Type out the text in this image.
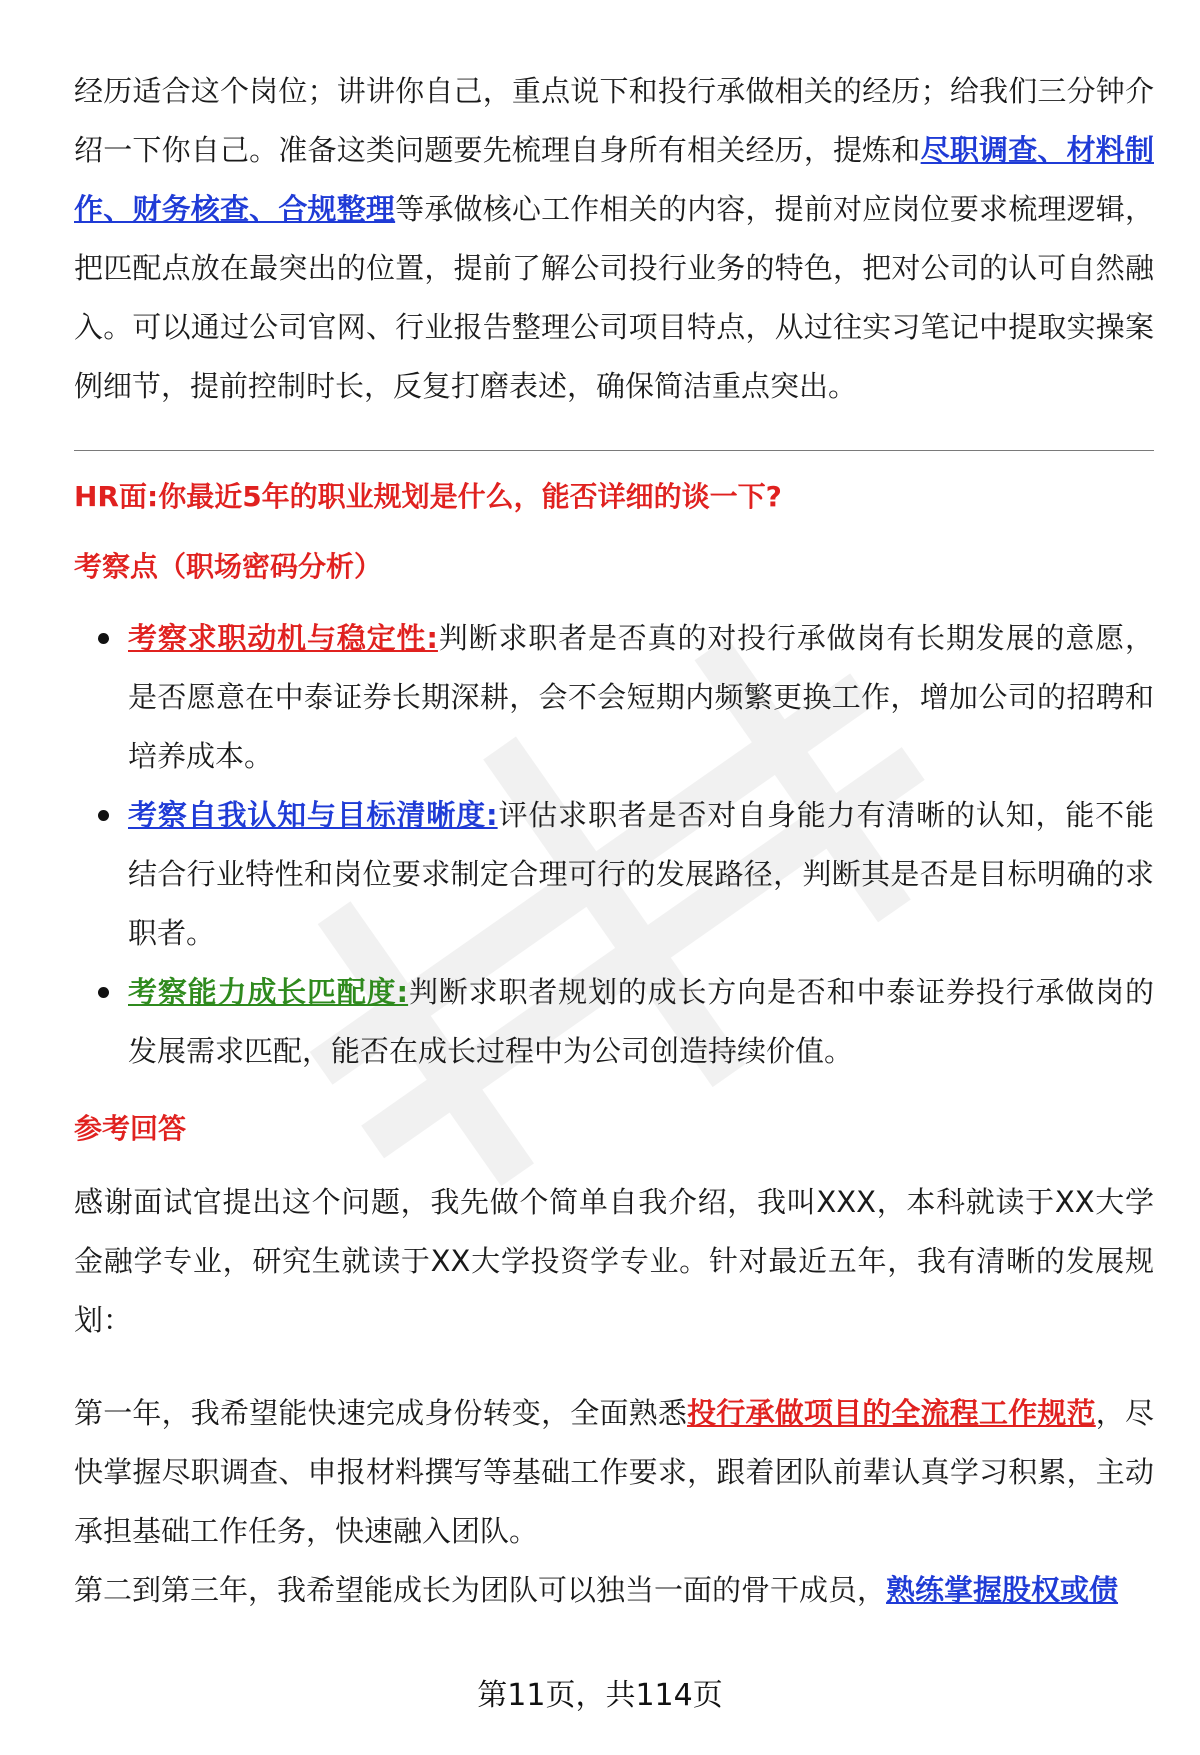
经历适合这个岗位；讲讲你自己，重点说下和投行承做相关的经历；给我们三分钟介绍一下你自己。准备这类问题要先梳理自身所有相关经历，提炼和尽职调查、材料制作、财务核查、合规整理等承做核心工作相关的内容，提前对应岗位要求梳理逻辑，把匹配点放在最突出的位置，提前了解公司投行业务的特色，把对公司的认可自然融入。可以通过公司官网、行业报告整理公司项目特点，从过往实习笔记中提取实操案例细节，提前控制时长，反复打磨表述，确保简洁重点突出。

HR面:你最近5年的职业规划是什么，能否详细的谈一下?

考察点（职场密码分析）

考察求职动机与稳定性:判断求职者是否真的对投行承做岗有长期发展的意愿，是否愿意在中泰证券长期深耕，会不会短期内频繁更换工作，增加公司的招聘和培养成本。
考察自我认知与目标清晰度:评估求职者是否对自身能力有清晰的认知，能不能结合行业特性和岗位要求制定合理可行的发展路径，判断其是否是目标明确的求职者。
考察能力成长匹配度:判断求职者规划的成长方向是否和中泰证券投行承做岗的发展需求匹配，能否在成长过程中为公司创造持续价值。

参考回答

感谢面试官提出这个问题，我先做个简单自我介绍，我叫XXX，本科就读于XX大学金融学专业，研究生就读于XX大学投资学专业。针对最近五年，我有清晰的发展规划：

第一年，我希望能快速完成身份转变，全面熟悉投行承做项目的全流程工作规范，尽快掌握尽职调查、申报材料撰写等基础工作要求，跟着团队前辈认真学习积累，主动承担基础工作任务，快速融入团队。

第二到第三年，我希望能成长为团队可以独当一面的骨干成员，熟练掌握股权或债

第11页，共114页
